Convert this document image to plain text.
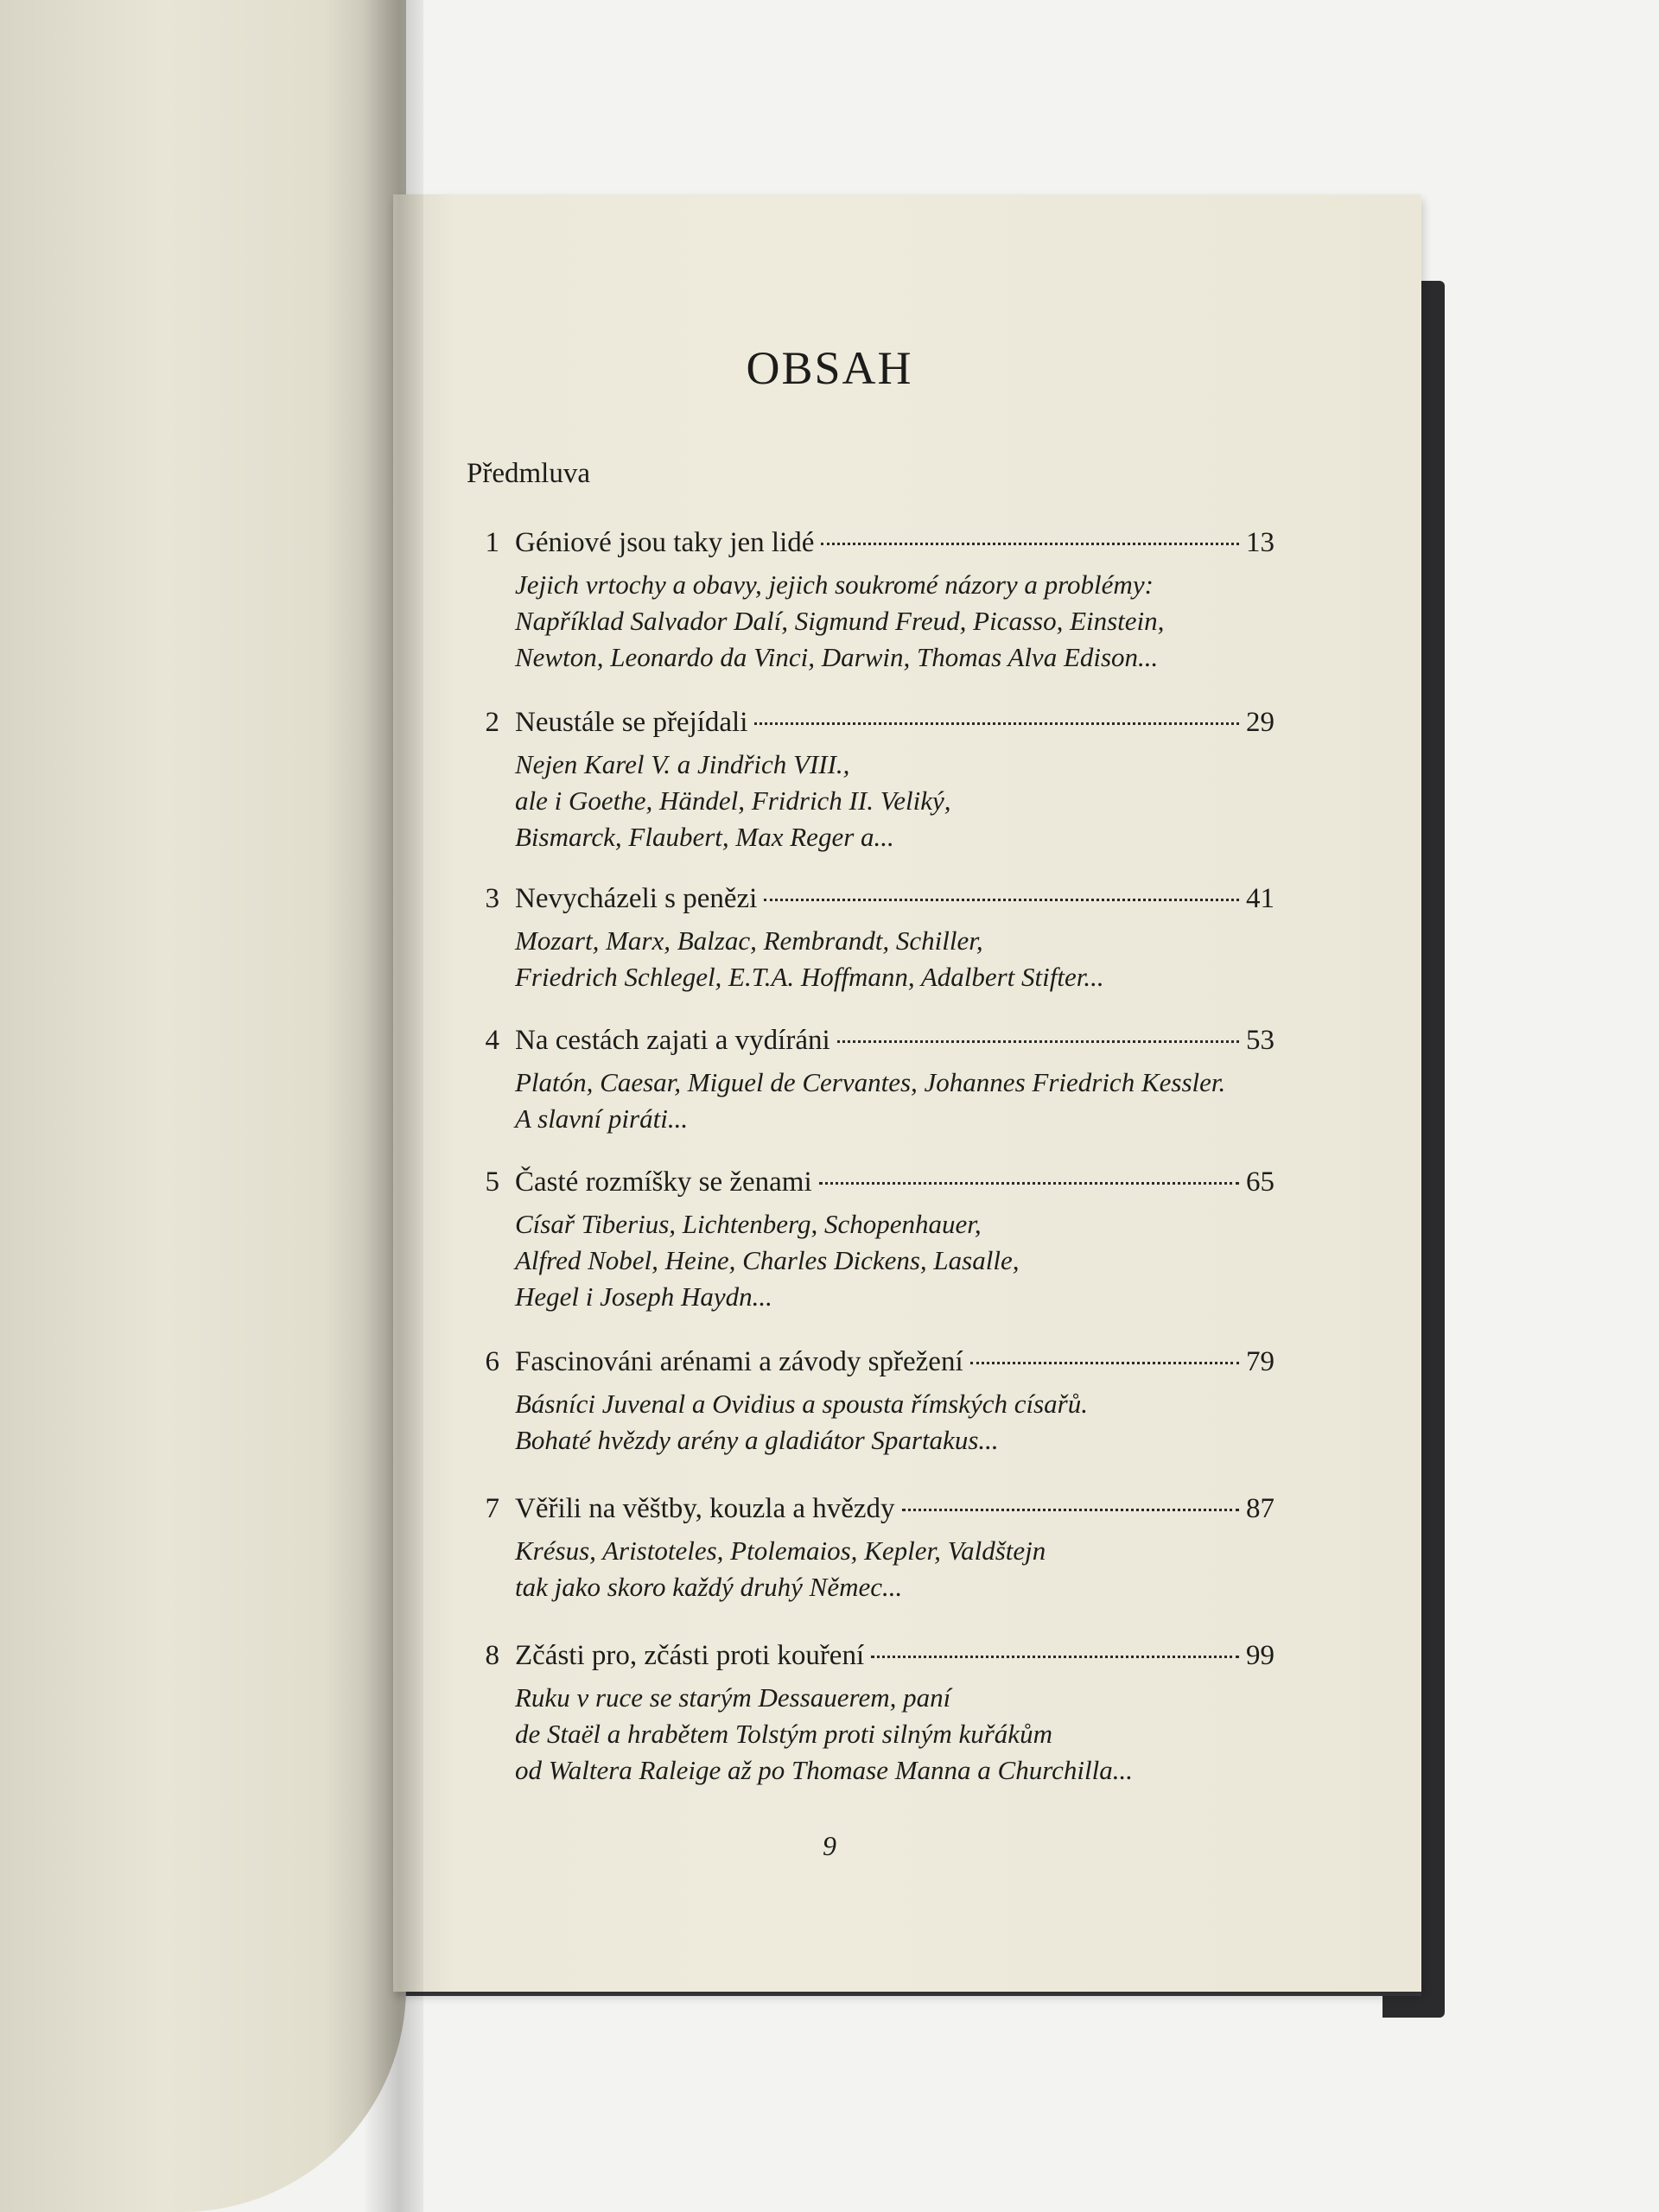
OBSAH
Předmluva
1 Géniové jsou taky jen lidé	13
Jejich vrtochy a obavy, jejich soukromé názory a problémy:
Například Salvador Dalí, Sigmund Freud, Picasso, Einstein,
Newton, Leonardo da Vinci, Darwin, Thomas Alva Edison...
2 Neustále se přejídali	29
Nejen Karel V. a Jindřich VIII.,
ale i Goethe, Händel, Fridrich II. Veliký,
Bismarck, Flaubert, Max Reger a...
3 Nevycházeli s penězi	41
Mozart, Marx, Balzac, Rembrandt, Schiller,
Friedrich Schlegel, E.T.A. Hoffmann, Adalbert Stifter...
4 Na cestách zajati a vydíráni	53
Platón, Caesar, Miguel de Cervantes, Johannes Friedrich Kessler.
A slavní piráti...
5 Časté rozmíšky se ženami	65
Císař Tiberius, Lichtenberg, Schopenhauer,
Alfred Nobel, Heine, Charles Dickens, Lasalle,
Hegel i Joseph Haydn...
6 Fascinováni arénami a závody spřežení	79
Básníci Juvenal a Ovidius a spousta římských císařů.
Bohaté hvězdy arény a gladiátor Spartakus...
7 Věřili na věštby, kouzla a hvězdy	87
Krésus, Aristoteles, Ptolemaios, Kepler, Valdštejn
tak jako skoro každý druhý Němec...
8 Zčásti pro, zčásti proti kouření	99
Ruku v ruce se starým Dessauerem, paní
de Staël a hrabětem Tolstým proti silným kuřákům
od Waltera Raleige až po Thomase Manna a Churchilla...
9
